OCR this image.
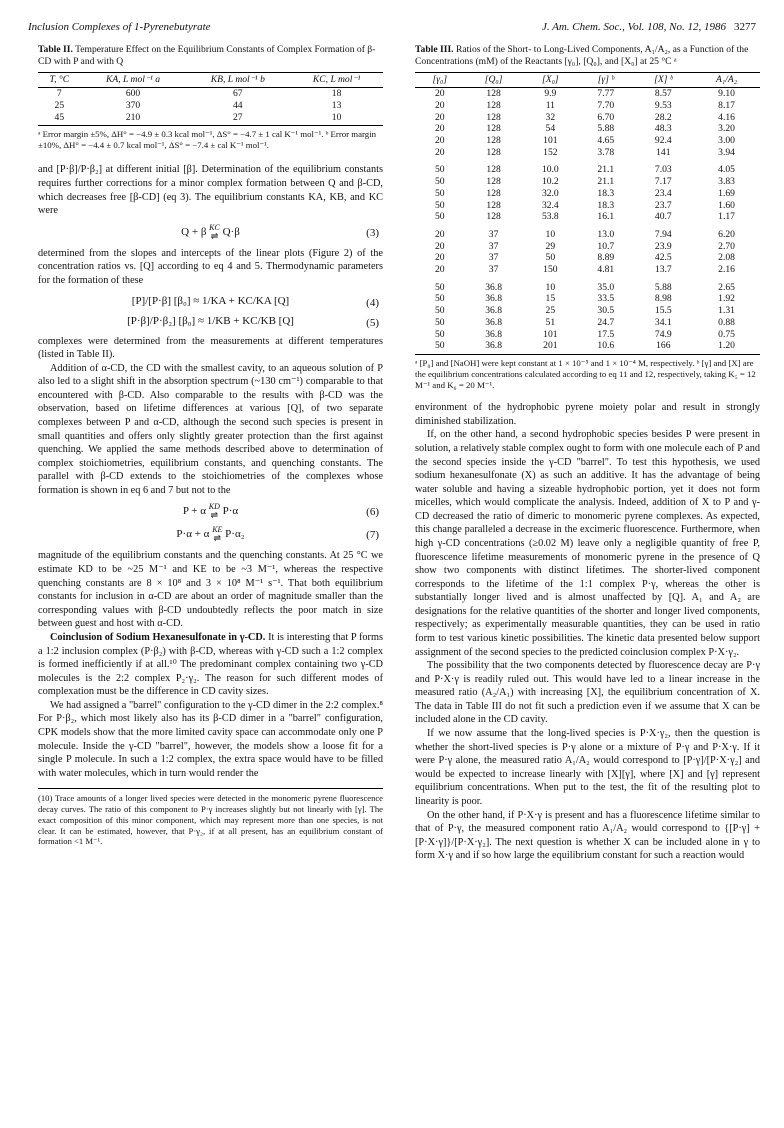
Inclusion Complexes of 1-Pyrenebutyrate	J. Am. Chem. Soc., Vol. 108, No. 12, 1986 3277
Table II. Temperature Effect on the Equilibrium Constants of Complex Formation of β-CD with P and with Q
T, °C	KA, L mol⁻¹ a	KB, L mol⁻¹ b	KC, L mol⁻¹
7	600	67	18
25	370	44	13
45	210	27	10
ᵃ Error margin ±5%, ΔH° = −4.9 ± 0.3 kcal mol⁻¹, ΔS° = −4.7 ± 1 cal K⁻¹ mol⁻¹. ᵇ Error margin ±10%, ΔH° = −4.4 ± 0.7 kcal mol⁻¹, ΔS° = −7.4 ± cal K⁻¹ mol⁻¹.

and [P·β]/P·β₂] at different initial [β]. Determination of the equilibrium constants requires further corrections for a minor complex formation between Q and β-CD, which decreases free [β-CD] (eq 3). The equilibrium constants KA, KB, and KC were

Q + β KC
⇌ Q·β	(3)

determined from the slopes and intercepts of the linear plots (Figure 2) of the concentration ratios vs. [Q] according to eq 4 and 5. Thermodynamic parameters for the formation of these

[P]/[P·β] [β₀] ≈ 1/KA + KC/KA [Q]	(4)
[P·β]/P·β₂] [β₀] ≈ 1/KB + KC/KB [Q]	(5)

complexes were determined from the measurements at different temperatures (listed in Table II).

Addition of α-CD, the CD with the smallest cavity, to an aqueous solution of P also led to a slight shift in the absorption spectrum (~130 cm⁻¹) comparable to that encountered with β-CD. Also comparable to the results with β-CD was the observation, based on lifetime differences at various [Q], of two separate complexes between P and α-CD, although the second such species is present in small quantities and offers only slightly greater protection than the first against quenching. We applied the same methods described above to determination of complex stoichiometries, equilibrium constants, and quenching constants. The parallel with β-CD extends to the stoichiometries of the complexes whose formation is shown in eq 6 and 7 but not to the

P + α KD
⇌ P·α	(6)
P·α + α KE
⇌ P·α₂	(7)

magnitude of the equilibrium constants and the quenching constants. At 25 °C we estimate KD to be ~25 M⁻¹ and KE to be ~3 M⁻¹, whereas the respective quenching constants are 8 × 10⁸ and 3 × 10⁸ M⁻¹ s⁻¹. That both equilibrium constants for inclusion in α-CD are about an order of magnitude smaller than the corresponding values with β-CD undoubtedly reflects the poor match in size between guest and host with α-CD.

Coinclusion of Sodium Hexanesulfonate in γ-CD. It is interesting that P forms a 1:2 inclusion complex (P·β₂) with β-CD, whereas with γ-CD such a 1:2 complex is formed inefficiently if at all.¹⁰ The predominant complex containing two γ-CD molecules is the 2:2 complex P₂·γ₂. The reason for such different modes of complexation must be the difference in CD cavity sizes.

We had assigned a "barrel" configuration to the γ-CD dimer in the 2:2 complex.⁸ For P·β₂, which most likely also has its β-CD dimer in a "barrel" configuration, CPK models show that the more limited cavity space can accommodate only one P molecule. Inside the γ-CD "barrel", however, the models show a loose fit for a single P molecule. In such a 1:2 complex, the extra space would have to be filled with water molecules, which in turn would render the

(10) Trace amounts of a longer lived species were detected in the monomeric pyrene fluorescence decay curves. The ratio of this component to P·γ increases slightly but not linearly with [γ]. The exact composition of this minor component, which may represent more than one species, is not clear. It can be estimated, however, that P·γ₂, if at all present, has an equilibrium constant of formation <1 M⁻¹.
Table III. Ratios of the Short- to Long-Lived Components, A₁/A₂, as a Function of the Concentrations (mM) of the Reactants [γ₀], [Q₀], and [X₀] at 25 °C ᵃ
[γ₀]	[Q₀]	[X₀]	[γ] ᵇ	[X] ᵇ	A₁/A₂
20	128	9.9	7.77	8.57	9.10
20	128	11	7.70	9.53	8.17
20	128	32	6.70	28.2	4.16
20	128	54	5.88	48.3	3.20
20	128	101	4.65	92.4	3.00
20	128	152	3.78	141	3.94
50	128	10.0	21.1	7.03	4.05
50	128	10.2	21.1	7.17	3.83
50	128	32.0	18.3	23.4	1.69
50	128	32.4	18.3	23.7	1.60
50	128	53.8	16.1	40.7	1.17
20	37	10	13.0	7.94	6.20
20	37	29	10.7	23.9	2.70
20	37	50	8.89	42.5	2.08
20	37	150	4.81	13.7	2.16
50	36.8	10	35.0	5.88	2.65
50	36.8	15	33.5	8.98	1.92
50	36.8	25	30.5	15.5	1.31
50	36.8	51	24.7	34.1	0.88
50	36.8	101	17.5	74.9	0.75
50	36.8	201	10.6	166	1.20
ᵃ [P₀] and [NaOH] were kept constant at 1 × 10⁻⁵ and 1 × 10⁻⁴ M, respectively. ᵇ [γ] and [X] are the equilibrium concentrations calculated according to eq 11 and 12, respectively, taking K₅ = 12 M⁻¹ and K₆ = 20 M⁻¹.

environment of the hydrophobic pyrene moiety polar and result in strongly diminished stabilization.

If, on the other hand, a second hydrophobic species besides P were present in solution, a relatively stable complex ought to form with one molecule each of P and the second species inside the γ-CD "barrel". To test this hypothesis, we used sodium hexanesulfonate (X) as such an additive. It has the advantage of being water soluble and having a sizeable hydrophobic portion, yet it does not form micelles, which would complicate the analysis. Indeed, addition of X to P and γ-CD decreased the ratio of dimeric to monomeric pyrene complexes. As expected, this change paralleled a decrease in the excimeric fluorescence. Furthermore, when high γ-CD concentrations (≥0.02 M) leave only a negligible quantity of free P, fluorescence lifetime measurements of monomeric pyrene in the presence of Q show two components with distinct lifetimes. The shorter-lived component corresponds to the lifetime of the 1:1 complex P·γ, whereas the other is substantially longer lived and is almost unaffected by [Q]. A₁ and A₂ are designations for the relative quantities of the shorter and longer lived components, respectively; as experimentally measurable quantities, they can be used in ratio form to test various kinetic possibilities. The kinetic data presented below support assignment of the second species to the predicted coinclusion complex P·X·γ₂.

The possibility that the two components detected by fluorescence decay are P·γ and P·X·γ is readily ruled out. This would have led to a linear increase in the measured ratio (A₂/A₁) with increasing [X], the equilibrium concentration of X. The data in Table III do not fit such a prediction even if we assume that X can be included alone in the CD cavity.

If we now assume that the long-lived species is P·X·γ₂, then the question is whether the short-lived species is P·γ alone or a mixture of P·γ and P·X·γ. If it were P·γ alone, the measured ratio A₁/A₂ would correspond to [P·γ]/[P·X·γ₂] and would be expected to increase linearly with [X][γ], where [X] and [γ] represent equilibrium concentrations. When put to the test, the fit of the resulting plot to linearity is poor.

On the other hand, if P·X·γ is present and has a fluorescence lifetime similar to that of P·γ, the measured component ratio A₁/A₂ would correspond to {[P·γ] + [P·X·γ]}/[P·X·γ₂]. The next question is whether X can be included alone in γ to form X·γ and if so how large the equilibrium constant for such a reaction would
